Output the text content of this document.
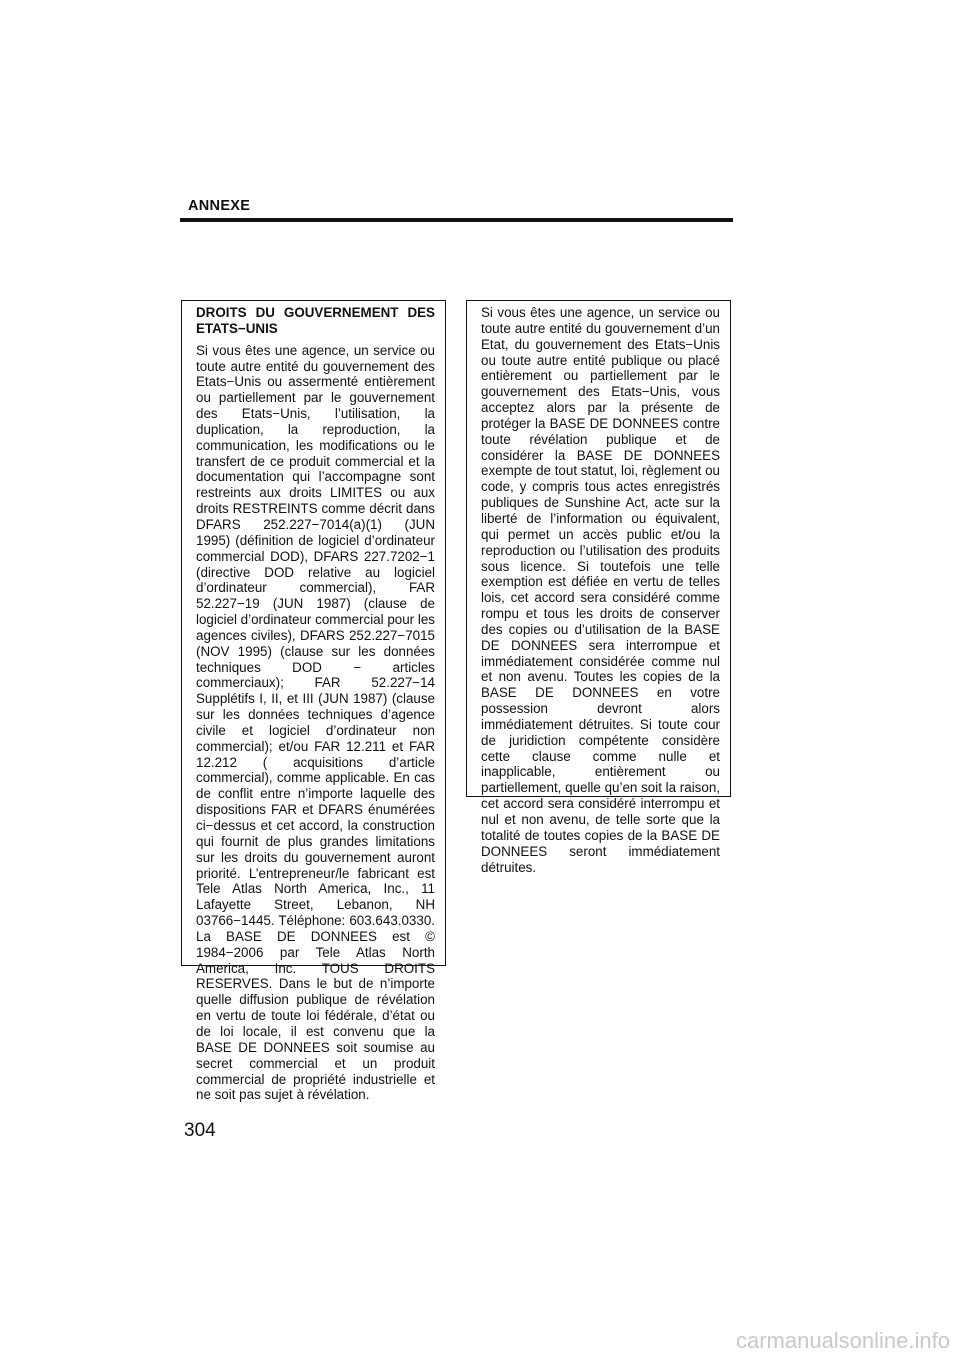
ANNEXE

DROITS DU GOUVERNEMENT DES ETATS−UNIS

Si vous êtes une agence, un service ou toute autre entité du gouvernement des Etats−Unis ou assermenté entièrement ou partiellement par le gouvernement des Etats−Unis, l’utilisation, la duplication, la reproduction, la communication, les modifications ou le transfert de ce produit commercial et la documentation qui l’accompagne sont restreints aux droits LIMITES ou aux droits RESTREINTS comme décrit dans DFARS 252.227−7014(a)(1) (JUN 1995) (définition de logiciel d’ordinateur commercial DOD), DFARS 227.7202−1 (directive DOD relative au logiciel d’ordinateur commercial), FAR 52.227−19 (JUN 1987) (clause de logiciel d’ordinateur commercial pour les agences civiles), DFARS 252.227−7015 (NOV 1995) (clause sur les données techniques DOD − articles commerciaux); FAR 52.227−14 Supplétifs I, II, et III (JUN 1987) (clause sur les données techniques d’agence civile et logiciel d’ordinateur non commercial); et/ou FAR 12.211 et FAR 12.212 ( acquisitions d’article commercial), comme applicable. En cas de conflit entre n’importe laquelle des dispositions FAR et DFARS énumérées ci−dessus et cet accord, la construction qui fournit de plus grandes limitations sur les droits du gouvernement auront priorité. L’entrepreneur/le fabricant est Tele Atlas North America, Inc., 11 Lafayette Street, Lebanon, NH 03766−1445. Téléphone: 603.643.0330. La BASE DE DONNEES est © 1984−2006 par Tele Atlas North America, Inc. TOUS DROITS RESERVES. Dans le but de n’importe quelle diffusion publique de révélation en vertu de toute loi fédérale, d’état ou de loi locale, il est convenu que la BASE DE DONNEES soit soumise au secret commercial et un produit commercial de propriété industrielle et ne soit pas sujet à révélation.

Si vous êtes une agence, un service ou toute autre entité du gouvernement d’un Etat, du gouvernement des Etats−Unis ou toute autre entité publique ou placé entièrement ou partiellement par le gouvernement des Etats−Unis, vous acceptez alors par la présente de protéger la BASE DE DONNEES contre toute révélation publique et de considérer la BASE DE DONNEES exempte de tout statut, loi, règlement ou code, y compris tous actes enregistrés publiques de Sunshine Act, acte sur la liberté de l’information ou équivalent, qui permet un accès public et/ou la reproduction ou l’utilisation des produits sous licence. Si toutefois une telle exemption est défiée en vertu de telles lois, cet accord sera considéré comme rompu et tous les droits de conserver des copies ou d’utilisation de la BASE DE DONNEES sera interrompue et immédiatement considérée comme nul et non avenu. Toutes les copies de la BASE DE DONNEES en votre possession devront alors immédiatement détruites. Si toute cour de juridiction compétente considère cette clause comme nulle et inapplicable, entièrement ou partiellement, quelle qu’en soit la raison, cet accord sera considéré interrompu et nul et non avenu, de telle sorte que la totalité de toutes copies de la BASE DE DONNEES seront immédiatement détruites.

304
carmanualsonline.info
